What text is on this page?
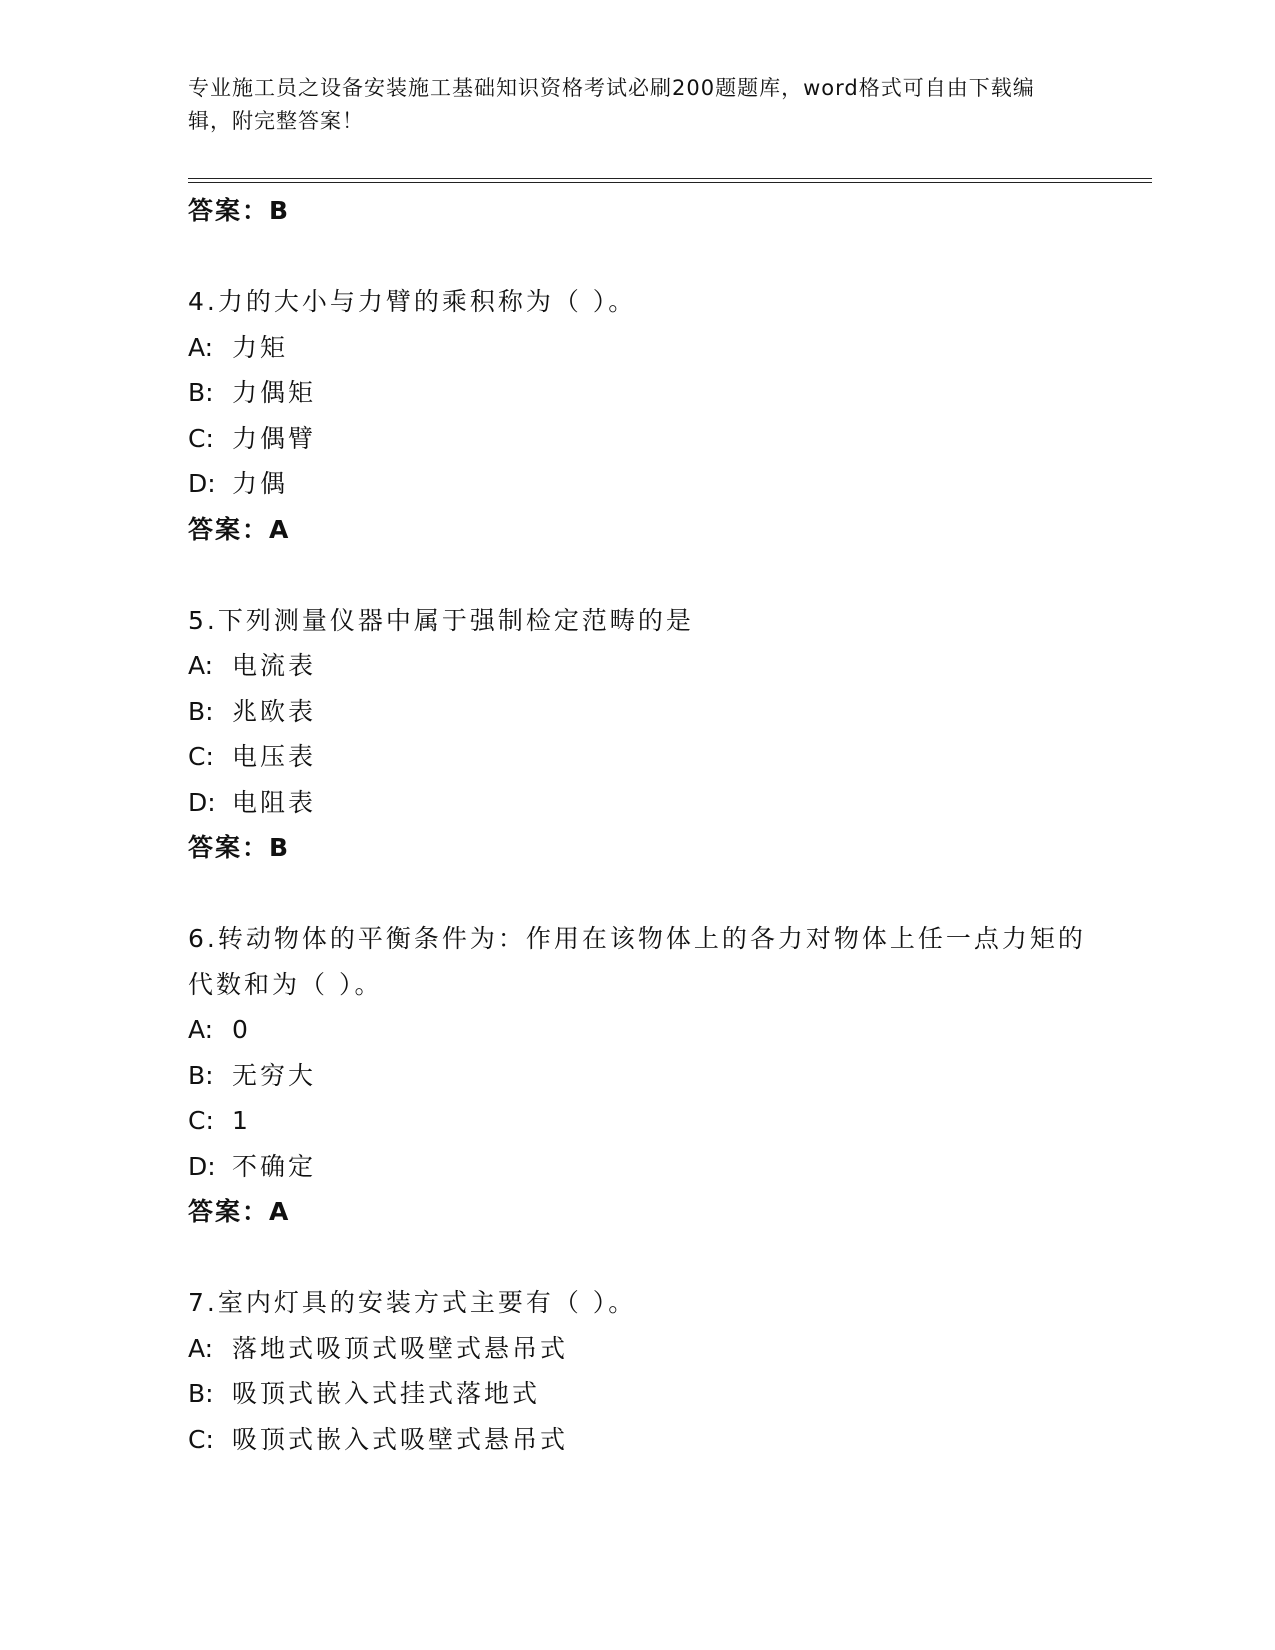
专业施工员之设备安装施工基础知识资格考试必刷200题题库，word格式可自由下载编辑，附完整答案！
答案：B
4.力的大小与力臂的乘积称为（ ）。
A: 力矩
B: 力偶矩
C: 力偶臂
D: 力偶
答案：A
5.下列测量仪器中属于强制检定范畴的是
A: 电流表
B: 兆欧表
C: 电压表
D: 电阻表
答案：B
6.转动物体的平衡条件为：作用在该物体上的各力对物体上任一点力矩的代数和为（ ）。
A: 0
B: 无穷大
C: 1
D: 不确定
答案：A
7.室内灯具的安装方式主要有（ ）。
A: 落地式吸顶式吸壁式悬吊式
B: 吸顶式嵌入式挂式落地式
C: 吸顶式嵌入式吸壁式悬吊式
